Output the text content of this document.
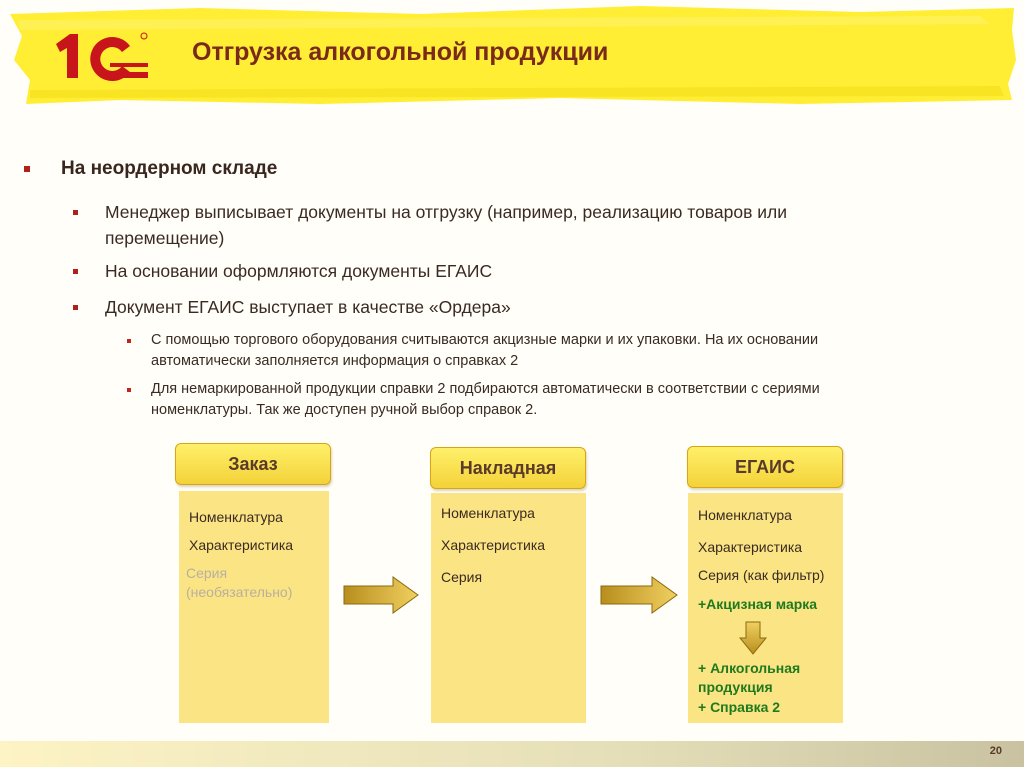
Отгрузка алкогольной продукции
На неордерном складе
Менеджер выписывает документы на отгрузку (например, реализацию товаров или перемещение)
На основании оформляются документы ЕГАИС
Документ ЕГАИС выступает в качестве «Ордера»
С помощью торгового оборудования считываются акцизные марки и их упаковки. На их основании автоматически заполняется информация о справках 2
Для немаркированной продукции справки 2 подбираются автоматически в соответствии с сериями номенклатуры. Так же доступен ручной выбор справок 2.
Заказ
Номенклатура
Характеристика
Серия (необязательно)
Накладная
Номенклатура
Характеристика
Серия
ЕГАИС
Номенклатура
Характеристика
Серия (как фильтр)
+Акцизная марка
+ Алкогольная продукция
+ Справка 2
20
